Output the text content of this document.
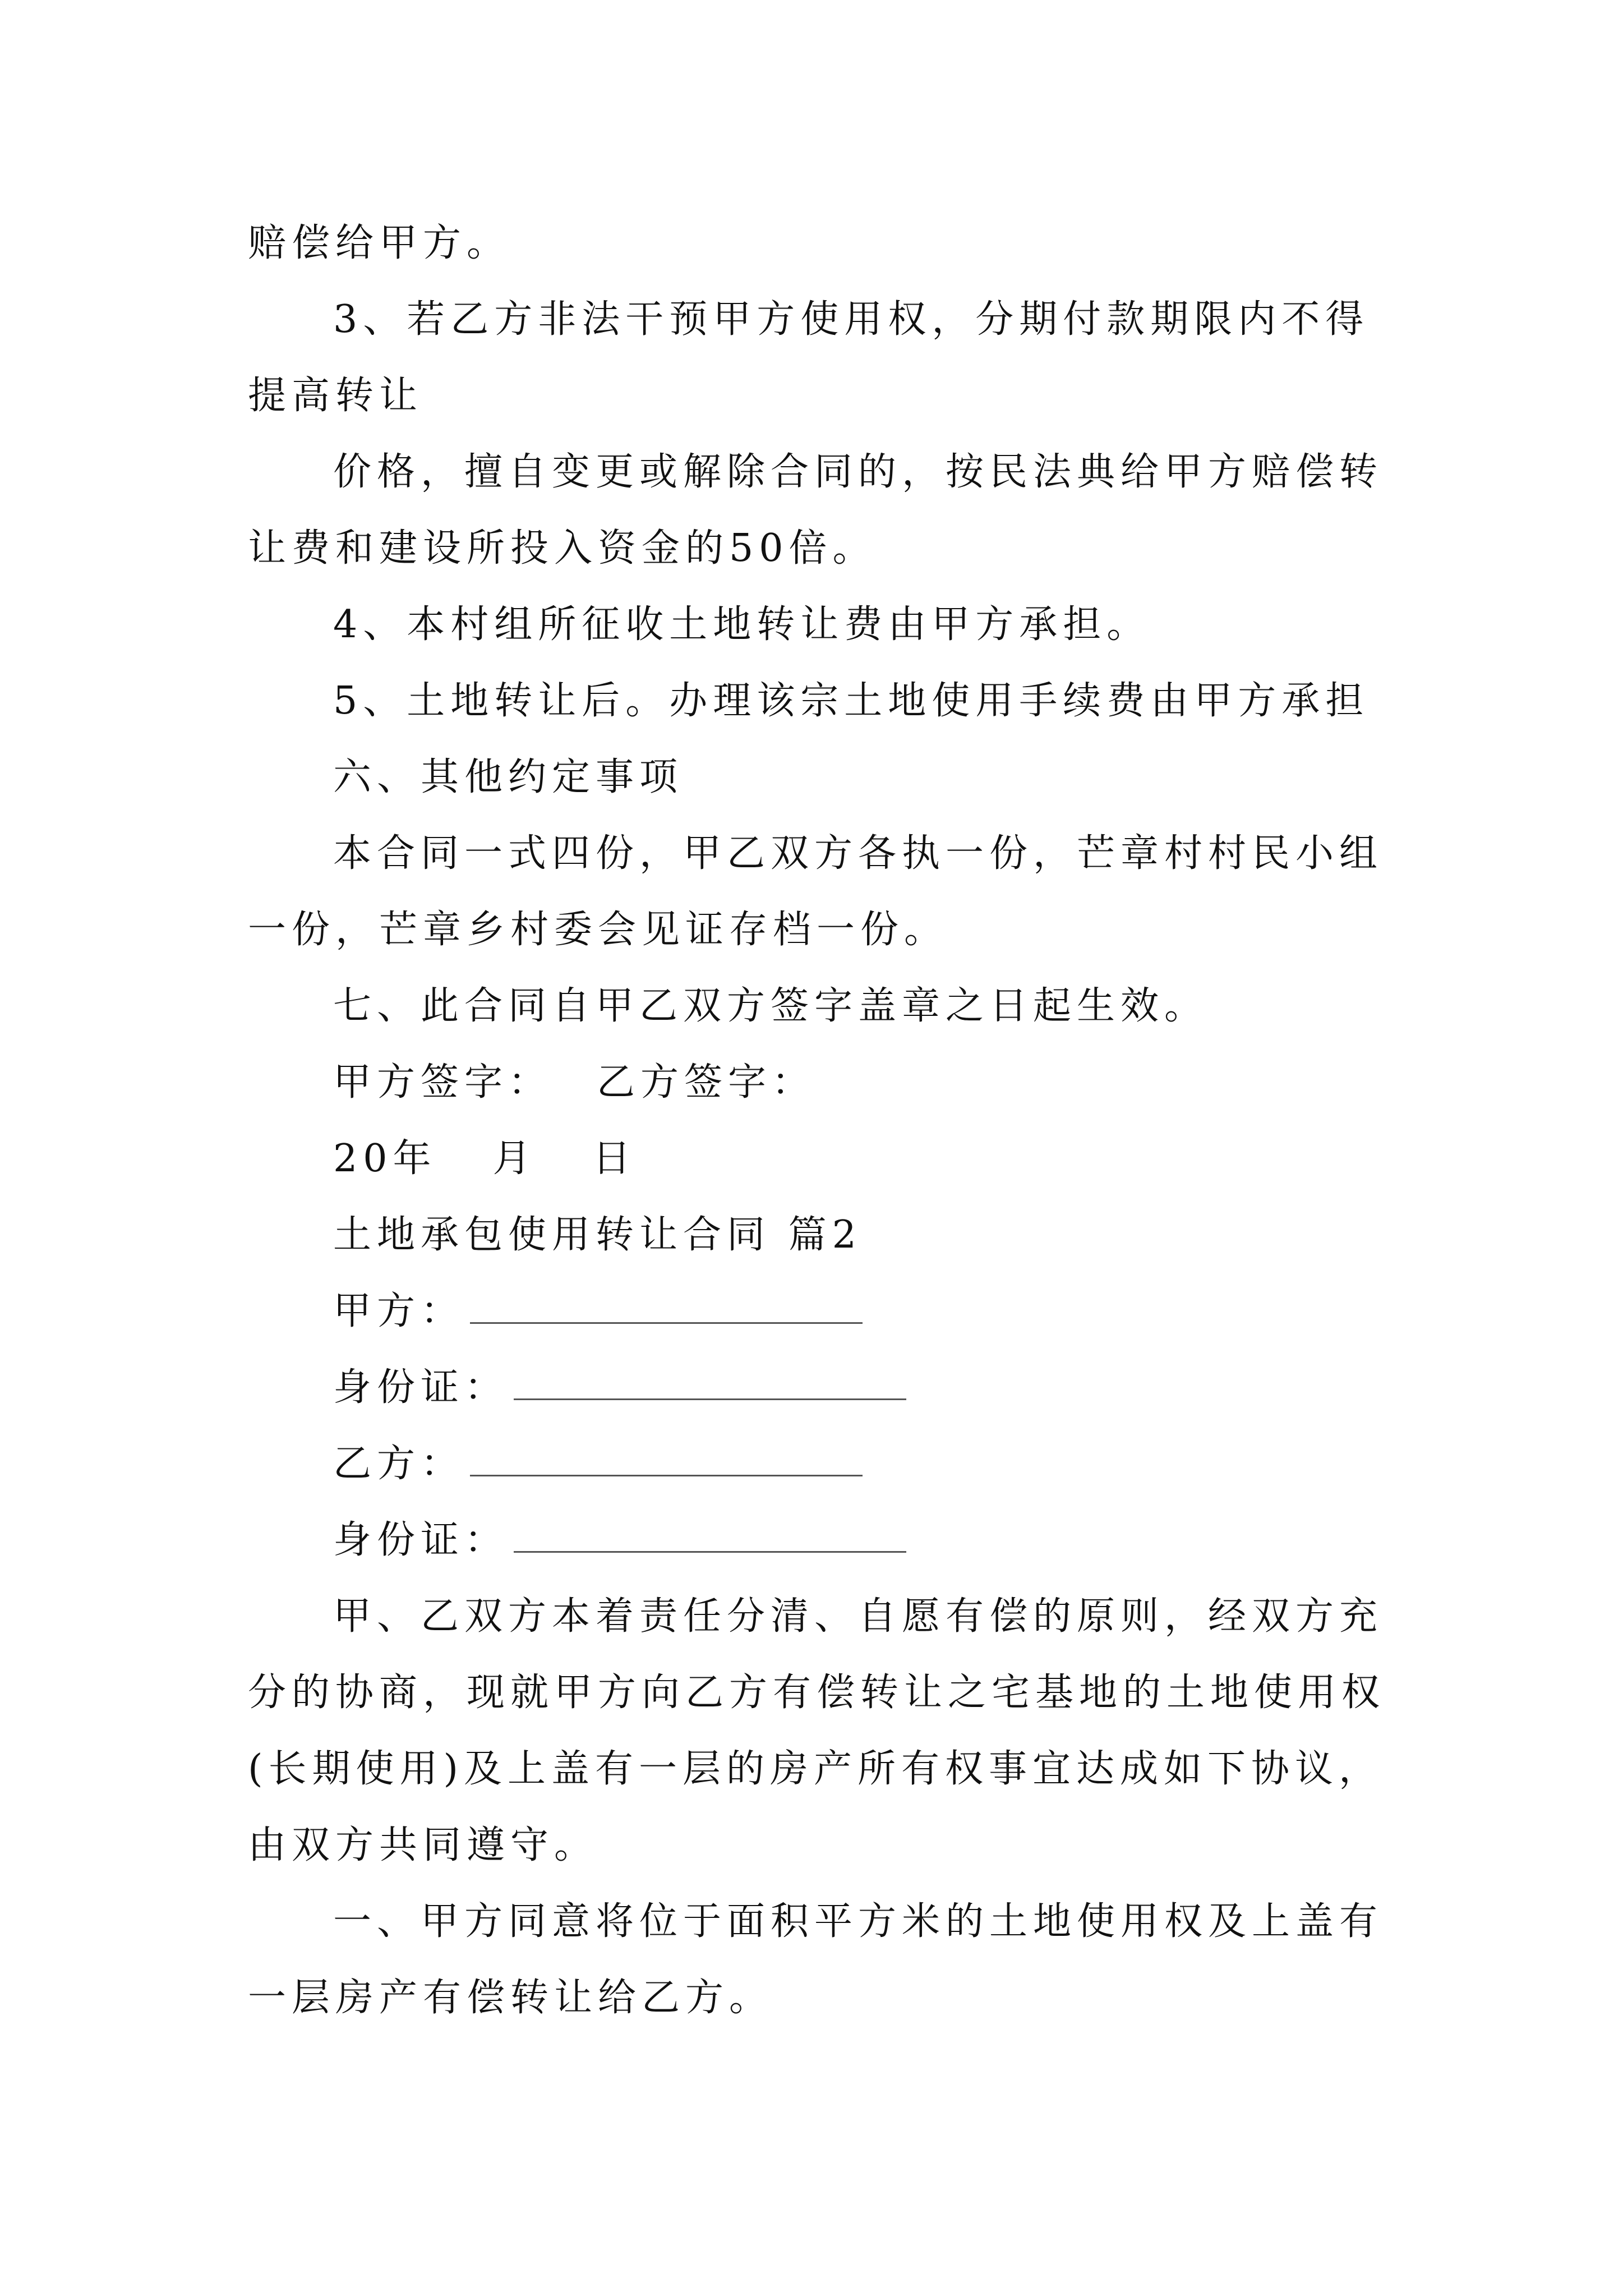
赔偿给甲方。
3、若乙方非法干预甲方使用权，分期付款期限内不得
提高转让
价格，擅自变更或解除合同的，按民法典给甲方赔偿转
让费和建设所投入资金的50倍。
4、本村组所征收土地转让费由甲方承担。
5、土地转让后。办理该宗土地使用手续费由甲方承担
六、其他约定事项
本合同一式四份，甲乙双方各执一份，芒章村村民小组
一份，芒章乡村委会见证存档一份。
七、此合同自甲乙双方签字盖章之日起生效。
甲方签字： 乙方签字：
20年 月 日
土地承包使用转让合同 篇2
甲方：
身份证：
乙方：
身份证：
甲、乙双方本着责任分清、自愿有偿的原则，经双方充
分的协商，现就甲方向乙方有偿转让之宅基地的土地使用权
(长期使用)及上盖有一层的房产所有权事宜达成如下协议，
由双方共同遵守。
一、甲方同意将位于面积平方米的土地使用权及上盖有
一层房产有偿转让给乙方。
